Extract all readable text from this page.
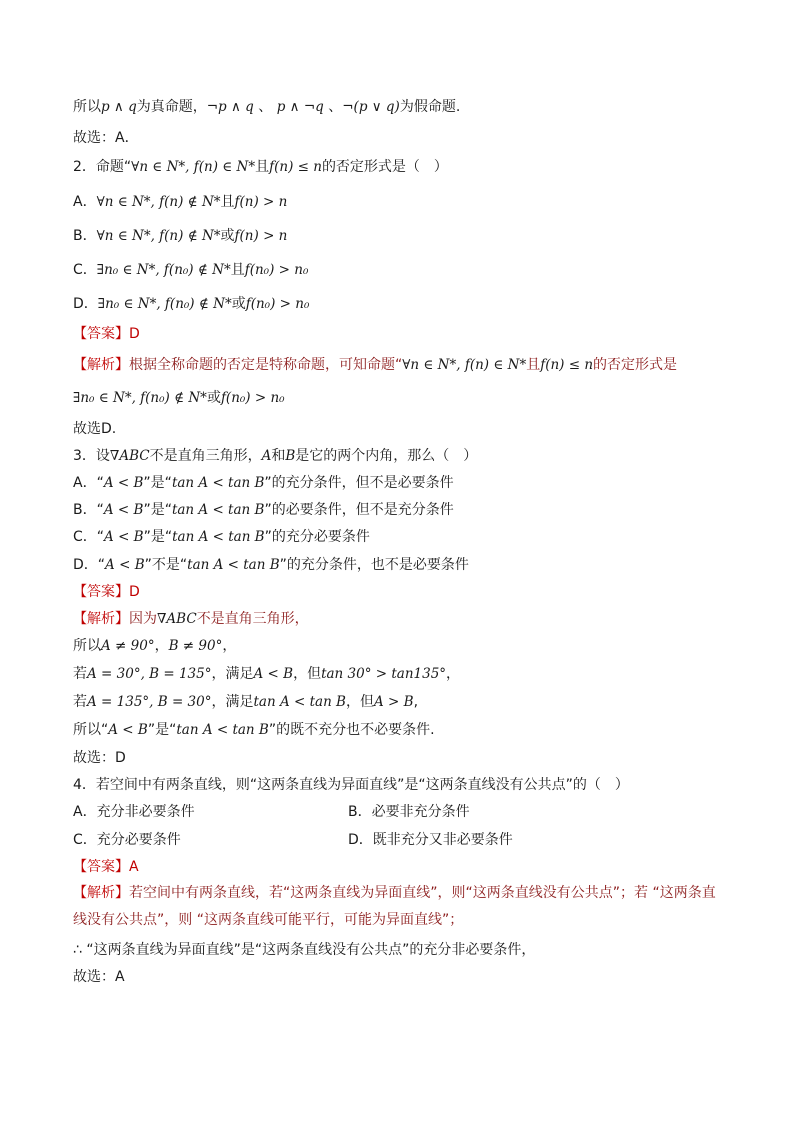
所以p ∧ q为真命题，¬p ∧ q 、 p ∧ ¬q 、¬(p ∨ q)为假命题.
故选：A．
2．命题“∀n ∈ N*, f(n) ∈ N*且f(n) ≤ n的否定形式是（　）
A．∀n ∈ N*, f(n) ∉ N*且f(n) > n
B．∀n ∈ N*, f(n) ∉ N*或f(n) > n
C．∃n₀ ∈ N*, f(n₀) ∉ N*且f(n₀) > n₀
D．∃n₀ ∈ N*, f(n₀) ∉ N*或f(n₀) > n₀
【答案】D
【解析】根据全称命题的否定是特称命题，可知命题“∀n ∈ N*, f(n) ∈ N*且f(n) ≤ n的否定形式是
∃n₀ ∈ N*, f(n₀) ∉ N*或f(n₀) > n₀
故选D.
3．设∇ABC不是直角三角形，A和B是它的两个内角，那么（　）
A．“A < B”是“tan A < tan B”的充分条件，但不是必要条件
B．“A < B”是“tan A < tan B”的必要条件，但不是充分条件
C．“A < B”是“tan A < tan B”的充分必要条件
D．“A < B”不是“tan A < tan B”的充分条件，也不是必要条件
【答案】D
【解析】因为∇ABC不是直角三角形，
所以A ≠ 90°，B ≠ 90°，
若A = 30°, B = 135°，满足A < B，但tan 30° > tan135°，
若A = 135°, B = 30°，满足tan A < tan B，但A > B,
所以“A < B”是“tan A < tan B”的既不充分也不必要条件.
故选：D
4．若空间中有两条直线，则“这两条直线为异面直线”是“这两条直线没有公共点”的（　）
A．充分非必要条件	B．必要非充分条件
C．充分必要条件	D．既非充分又非必要条件
【答案】A
【解析】若空间中有两条直线，若“这两条直线为异面直线”，则“这两条直线没有公共点”；若 “这两条直线没有公共点”，则 “这两条直线可能平行，可能为异面直线”；
∴ “这两条直线为异面直线”是“这两条直线没有公共点”的充分非必要条件，
故选：A
